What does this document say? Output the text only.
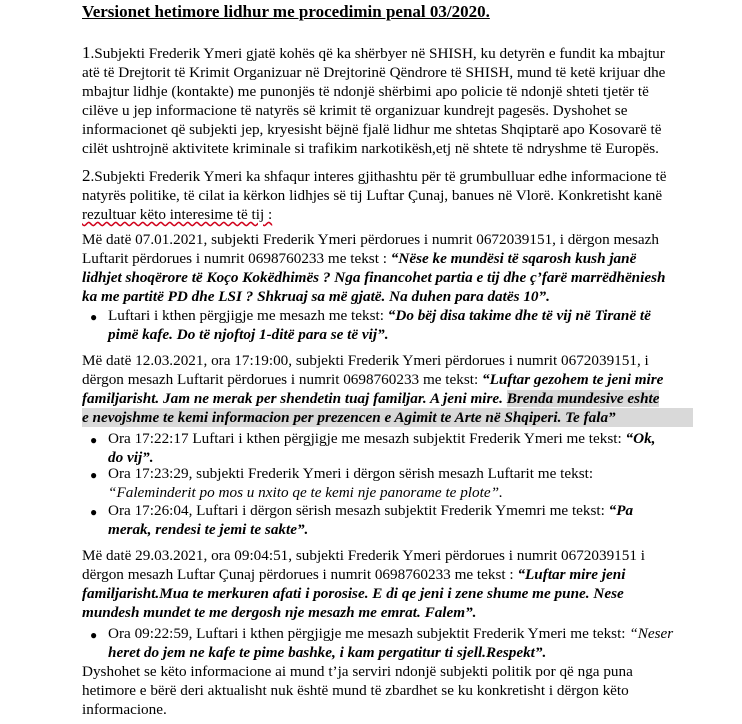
Versionet hetimore lidhur me procedimin penal 03/2020.
1.Subjekti Frederik Ymeri gjatë kohës që ka shërbyer në SHISH, ku detyrën e fundit ka mbajtur
atë të Drejtorit të Krimit Organizuar në Drejtorinë Qëndrore të SHISH, mund të ketë krijuar dhe
mbajtur lidhje (kontakte) me punonjës të ndonjë shërbimi apo policie të ndonjë shteti tjetër të
cilëve u jep informacione të natyrës së krimit të organizuar kundrejt pagesës. Dyshohet se
informacionet që subjekti jep, kryesisht bëjnë fjalë lidhur me shtetas Shqiptarë apo Kosovarë të
cilët ushtrojnë aktivitete kriminale si trafikim narkotikësh,etj në shtete të ndryshme të Europës.
2.Subjekti Frederik Ymeri ka shfaqur interes gjithashtu për të grumbulluar edhe informacione të
natyrës politike, të cilat ia kërkon lidhjes së tij Luftar Çunaj, banues në Vlorë. Konkretisht kanë
rezultuar këto interesime të tij :
Më datë 07.01.2021, subjekti Frederik Ymeri përdorues i numrit 0672039151, i dërgon mesazh
Luftarit përdorues i numrit 0698760233 me tekst : “Nëse ke mundësi të sqarosh kush janë
lidhjet shoqërore të Koço Kokëdhimës ? Nga financohet partia e tij dhe ç’farë marrëdhëniesh
ka me partitë PD dhe LSI ? Shkruaj sa më gjatë. Na duhen para datës 10”.
● Luftari i kthen përgjigje me mesazh me tekst: “Do bëj disa takime dhe të vij në Tiranë të
pimë kafe. Do të njoftoj 1-ditë para se të vij”.
Më datë 12.03.2021, ora 17:19:00, subjekti Frederik Ymeri përdorues i numrit 0672039151, i
dërgon mesazh Luftarit përdorues i numrit 0698760233 me tekst: “Luftar gezohem te jeni mire
familjarisht. Jam ne merak per shendetin tuaj familjar. A jeni mire. Brenda mundesive eshte
e nevojshme te kemi informacion per prezencen e Agimit te Arte në Shqiperi. Te fala”
● Ora 17:22:17 Luftari i kthen përgjigje me mesazh subjektit Frederik Ymeri me tekst: “Ok,
do vij”.
● Ora 17:23:29, subjekti Frederik Ymeri i dërgon sërish mesazh Luftarit me tekst:
“Faleminderit po mos u nxito qe te kemi nje panorame te plote”.
● Ora 17:26:04, Luftari i dërgon sërish mesazh subjektit Frederik Ymemri me tekst: “Pa
merak, rendesi te jemi te sakte”.
Më datë 29.03.2021, ora 09:04:51, subjekti Frederik Ymeri përdorues i numrit 0672039151 i
dërgon mesazh Luftar Çunaj përdorues i numrit 0698760233 me tekst : “Luftar mire jeni
familjarisht.Mua te merkuren afati i porosise. E di qe jeni i zene shume me pune. Nese
mundesh mundet te me dergosh nje mesazh me emrat. Falem”.
● Ora 09:22:59, Luftari i kthen përgjigje me mesazh subjektit Frederik Ymeri me tekst: “Neser
heret do jem ne kafe te pime bashke, i kam pergatitur ti sjell.Respekt”.
Dyshohet se këto informacione ai mund t’ja serviri ndonjë subjekti politik por që nga puna
hetimore e bërë deri aktualisht nuk është mund të zbardhet se ku konkretisht i dërgon këto
informacione.
